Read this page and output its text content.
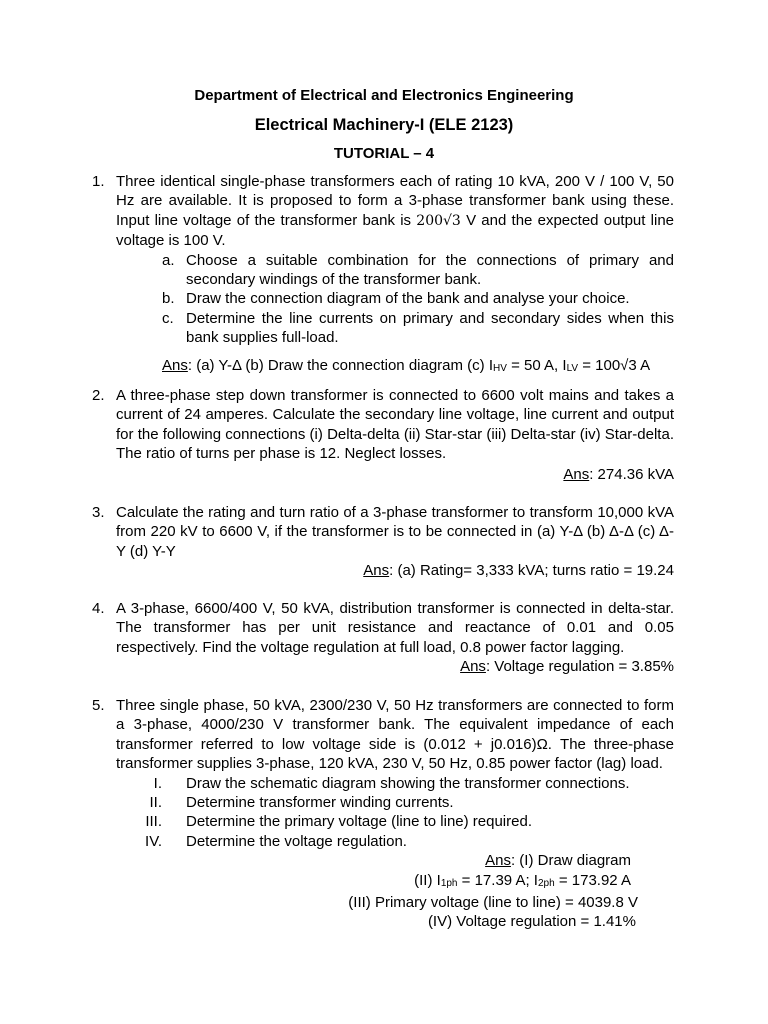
Department of Electrical and Electronics Engineering
Electrical Machinery-I (ELE 2123)
TUTORIAL – 4
1. Three identical single-phase transformers each of rating 10 kVA, 200 V / 100 V, 50 Hz are available. It is proposed to form a 3-phase transformer bank using these. Input line voltage of the transformer bank is 200√3 V and the expected output line voltage is 100 V.
a. Choose a suitable combination for the connections of primary and secondary windings of the transformer bank.
b. Draw the connection diagram of the bank and analyse your choice.
c. Determine the line currents on primary and secondary sides when this bank supplies full-load.
Ans: (a) Y-Δ (b) Draw the connection diagram (c) IHV = 50 A, ILV = 100√3 A
2. A three-phase step down transformer is connected to 6600 volt mains and takes a current of 24 amperes. Calculate the secondary line voltage, line current and output for the following connections (i) Delta-delta (ii) Star-star (iii) Delta-star (iv) Star-delta. The ratio of turns per phase is 12. Neglect losses.
Ans: 274.36 kVA
3. Calculate the rating and turn ratio of a 3-phase transformer to transform 10,000 kVA from 220 kV to 6600 V, if the transformer is to be connected in (a) Y-Δ (b) Δ-Δ (c) Δ- Y (d) Y-Y
Ans: (a) Rating= 3,333 kVA; turns ratio = 19.24
4. A 3-phase, 6600/400 V, 50 kVA, distribution transformer is connected in delta-star. The transformer has per unit resistance and reactance of 0.01 and 0.05 respectively. Find the voltage regulation at full load, 0.8 power factor lagging.
Ans: Voltage regulation = 3.85%
5. Three single phase, 50 kVA, 2300/230 V, 50 Hz transformers are connected to form a 3-phase, 4000/230 V transformer bank. The equivalent impedance of each transformer referred to low voltage side is (0.012 + j0.016)Ω. The three-phase transformer supplies 3-phase, 120 kVA, 230 V, 50 Hz, 0.85 power factor (lag) load.
I. Draw the schematic diagram showing the transformer connections.
II. Determine transformer winding currents.
III. Determine the primary voltage (line to line) required.
IV. Determine the voltage regulation.
Ans: (I) Draw diagram
(II) I1ph = 17.39 A; I2ph = 173.92 A
(III) Primary voltage (line to line) = 4039.8 V
(IV) Voltage regulation = 1.41%
